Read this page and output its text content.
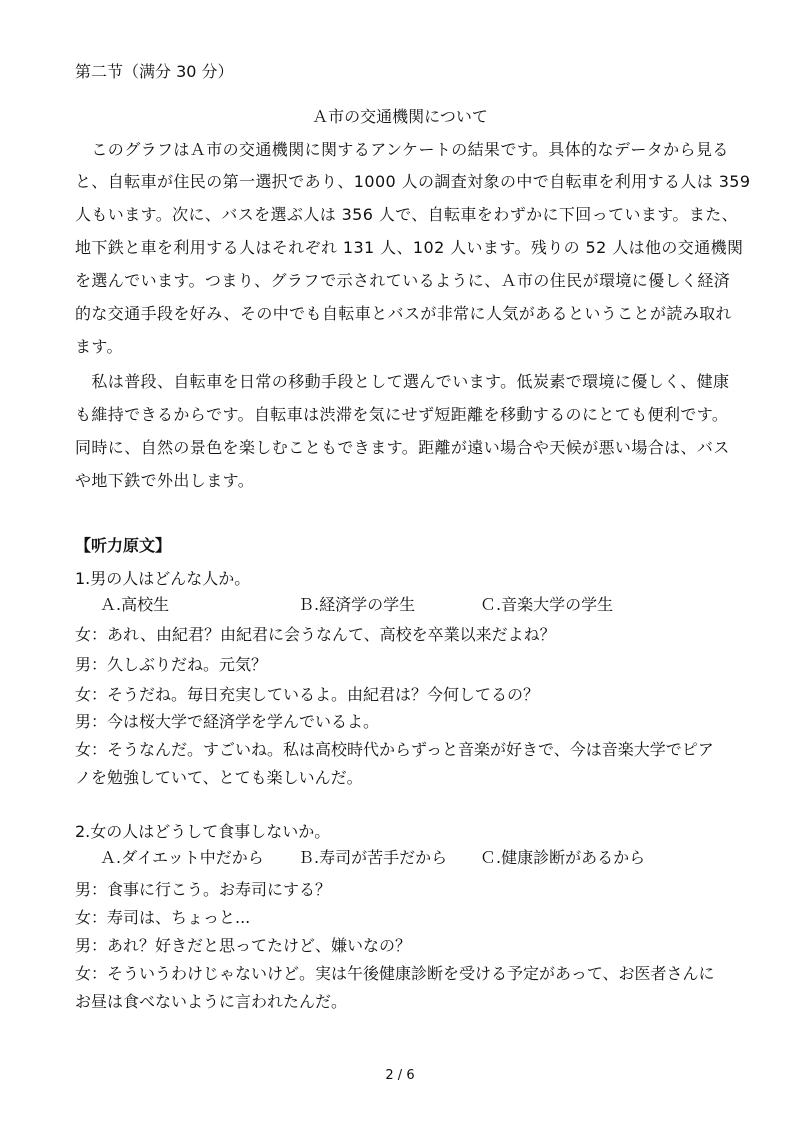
第二节（满分 30 分）
Ａ市の交通機関について
　このグラフはＡ市の交通機関に関するアンケートの結果です。具体的なデータから見る
と、自転車が住民の第一選択であり、1000 人の調査対象の中で自転車を利用する人は 359
人もいます。次に、バスを選ぶ人は 356 人で、自転車をわずかに下回っています。また、
地下鉄と車を利用する人はそれぞれ 131 人、102 人います。残りの 52 人は他の交通機関
を選んでいます。つまり、グラフで示されているように、Ａ市の住民が環境に優しく経済
的な交通手段を好み、その中でも自転車とバスが非常に人気があるということが読み取れ
ます。
　私は普段、自転車を日常の移動手段として選んでいます。低炭素で環境に優しく、健康
も維持できるからです。自転車は渋滞を気にせず短距離を移動するのにとても便利です。
同時に、自然の景色を楽しむこともできます。距離が遠い場合や天候が悪い場合は、バス
や地下鉄で外出します。
【听力原文】
1.男の人はどんな人か。
Ａ.高校生	Ｂ.経済学の学生	Ｃ.音楽大学の学生
女：あれ、由紀君？由紀君に会うなんて、高校を卒業以来だよね？
男：久しぶりだね。元気？
女：そうだね。毎日充実しているよ。由紀君は？今何してるの？
男：今は桜大学で経済学を学んでいるよ。
女：そうなんだ。すごいね。私は高校時代からずっと音楽が好きで、今は音楽大学でピア
ノを勉強していて、とても楽しいんだ。
2.女の人はどうして食事しないか。
Ａ.ダイエット中だから Ｂ.寿司が苦手だから Ｃ.健康診断があるから
男：食事に行こう。お寿司にする？
女：寿司は、ちょっと...
男：あれ？好きだと思ってたけど、嫌いなの？
女：そういうわけじゃないけど。実は午後健康診断を受ける予定があって、お医者さんに
お昼は食べないように言われたんだ。
2 / 6
